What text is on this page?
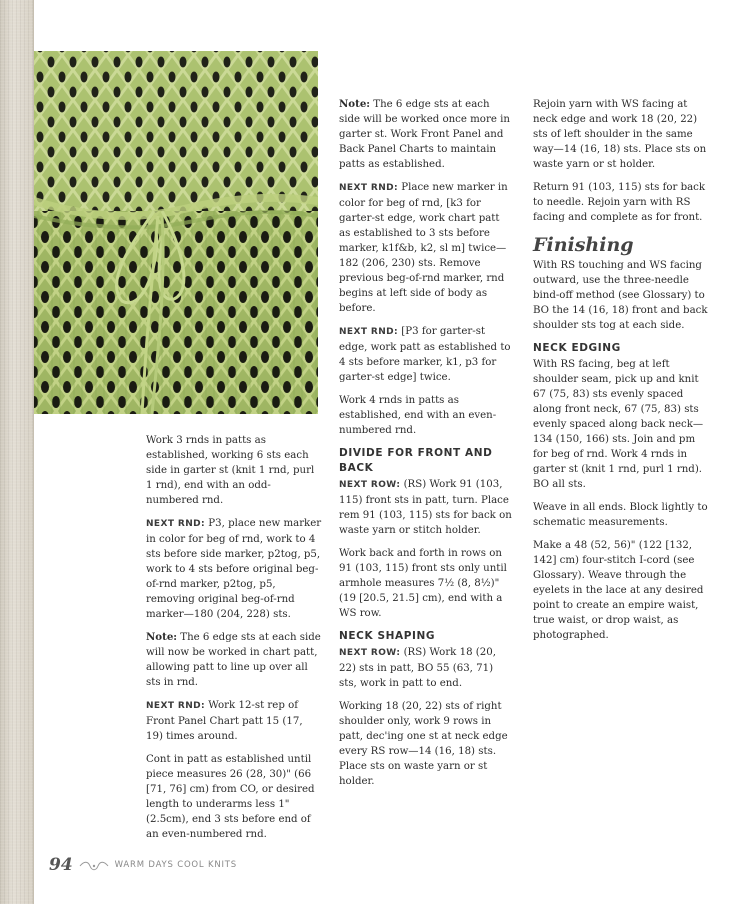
Work 3 rnds in patts as established, working 6 sts each side in garter st (knit 1 rnd, purl 1 rnd), end with an odd-numbered rnd.

NEXT RND: P3, place new marker in color for beg of rnd, work to 4 sts before side marker, p2tog, p5, work to 4 sts before original beg-of-rnd marker, p2tog, p5, removing original beg-of-rnd marker—180 (204, 228) sts.

Note: The 6 edge sts at each side will now be worked in chart patt, allowing patt to line up over all sts in rnd.

NEXT RND: Work 12-st rep of Front Panel Chart patt 15 (17, 19) times around.

Cont in patt as established until piece measures 26 (28, 30)" (66 [71, 76] cm) from CO, or desired length to underarms less 1" (2.5cm), end 3 sts before end of an even-numbered rnd.

Note: The 6 edge sts at each side will be worked once more in garter st. Work Front Panel and Back Panel Charts to maintain patts as established.

NEXT RND: Place new marker in color for beg of rnd, [k3 for garter-st edge, work chart patt as established to 3 sts before marker, k1f&b, k2, sl m] twice—182 (206, 230) sts. Remove previous beg-of-rnd marker, rnd begins at left side of body as before.

NEXT RND: [P3 for garter-st edge, work patt as established to 4 sts before marker, k1, p3 for garter-st edge] twice.

Work 4 rnds in patts as established, end with an even-numbered rnd.

DIVIDE FOR FRONT AND BACK

NEXT ROW: (RS) Work 91 (103, 115) front sts in patt, turn. Place rem 91 (103, 115) sts for back on waste yarn or stitch holder.

Work back and forth in rows on 91 (103, 115) front sts only until armhole measures 7½ (8, 8½)" (19 [20.5, 21.5] cm), end with a WS row.

NECK SHAPING

NEXT ROW: (RS) Work 18 (20, 22) sts in patt, BO 55 (63, 71) sts, work in patt to end.

Working 18 (20, 22) sts of right shoulder only, work 9 rows in patt, dec'ing one st at neck edge every RS row—14 (16, 18) sts. Place sts on waste yarn or st holder.

Rejoin yarn with WS facing at neck edge and work 18 (20, 22) sts of left shoulder in the same way—14 (16, 18) sts. Place sts on waste yarn or st holder.

Return 91 (103, 115) sts for back to needle. Rejoin yarn with RS facing and complete as for front.

Finishing

With RS touching and WS facing outward, use the three-needle bind-off method (see Glossary) to BO the 14 (16, 18) front and back shoulder sts tog at each side.

NECK EDGING

With RS facing, beg at left shoulder seam, pick up and knit 67 (75, 83) sts evenly spaced along front neck, 67 (75, 83) sts evenly spaced along back neck—134 (150, 166) sts. Join and pm for beg of rnd. Work 4 rnds in garter st (knit 1 rnd, purl 1 rnd). BO all sts.

Weave in all ends. Block lightly to schematic measurements.

Make a 48 (52, 56)" (122 [132, 142] cm) four-stitch I-cord (see Glossary). Weave through the eyelets in the lace at any desired point to create an empire waist, true waist, or drop waist, as photographed.

94	WARM DAYS COOL KNITS
